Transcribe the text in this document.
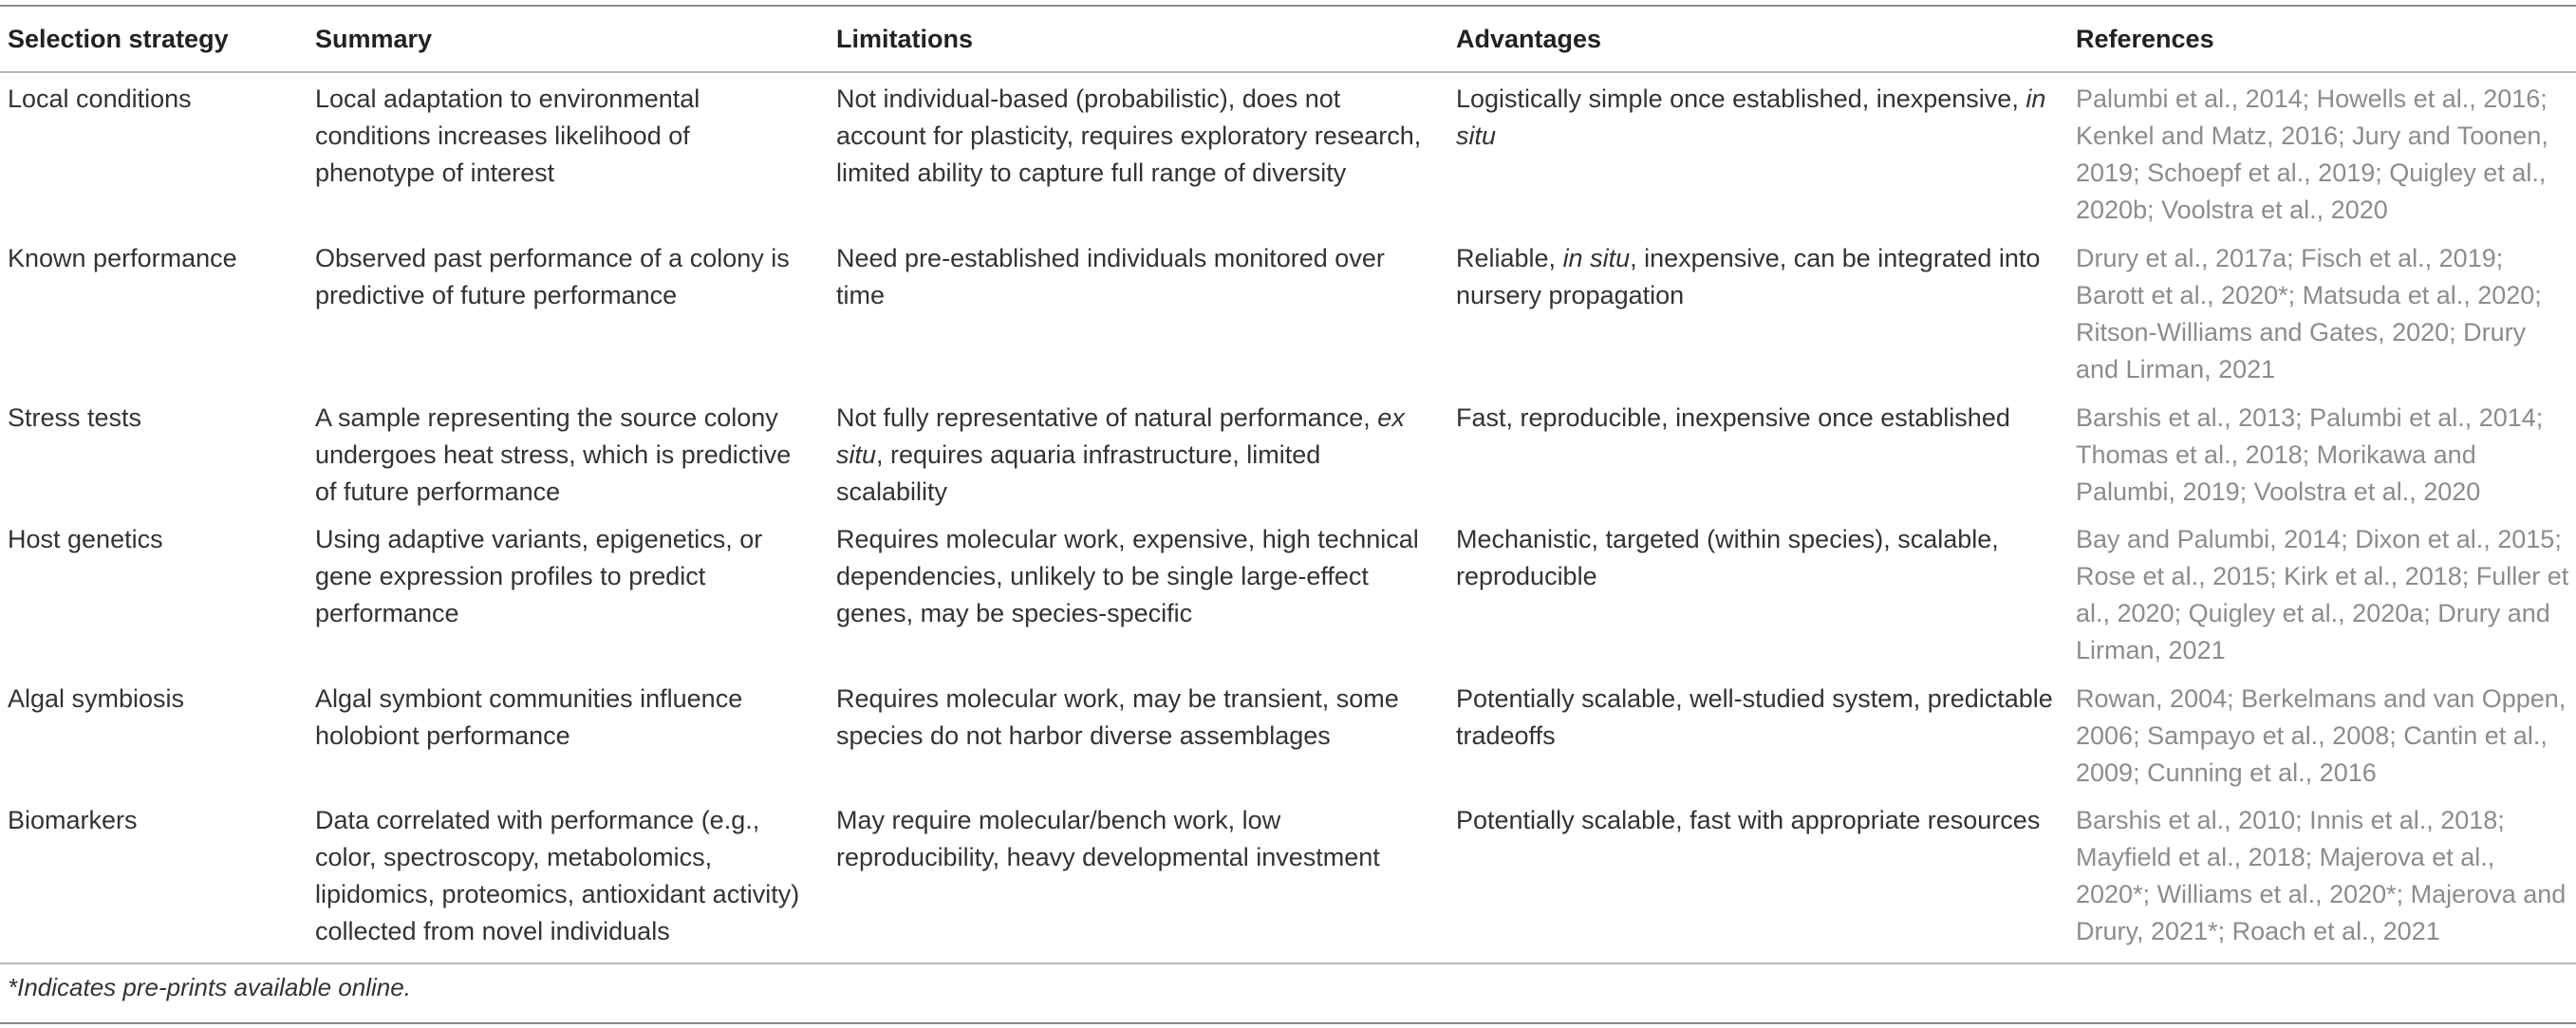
Selection strategy	Summary	Limitations	Advantages	References
Local conditions	Local adaptation to environmental conditions increases likelihood of phenotype of interest	Not individual-based (probabilistic), does not account for plasticity, requires exploratory research, limited ability to capture full range of diversity	Logistically simple once established, inexpensive, in situ	Palumbi et al., 2014; Howells et al., 2016; Kenkel and Matz, 2016; Jury and Toonen, 2019; Schoepf et al., 2019; Quigley et al., 2020b; Voolstra et al., 2020
Known performance	Observed past performance of a colony is predictive of future performance	Need pre-established individuals monitored over time	Reliable, in situ, inexpensive, can be integrated into nursery propagation	Drury et al., 2017a; Fisch et al., 2019; Barott et al., 2020*; Matsuda et al., 2020; Ritson-Williams and Gates, 2020; Drury and Lirman, 2021
Stress tests	A sample representing the source colony undergoes heat stress, which is predictive of future performance	Not fully representative of natural performance, ex situ, requires aquaria infrastructure, limited scalability	Fast, reproducible, inexpensive once established	Barshis et al., 2013; Palumbi et al., 2014; Thomas et al., 2018; Morikawa and Palumbi, 2019; Voolstra et al., 2020
Host genetics	Using adaptive variants, epigenetics, or gene expression profiles to predict performance	Requires molecular work, expensive, high technical dependencies, unlikely to be single large-effect genes, may be species-specific	Mechanistic, targeted (within species), scalable, reproducible	Bay and Palumbi, 2014; Dixon et al., 2015; Rose et al., 2015; Kirk et al., 2018; Fuller et al., 2020; Quigley et al., 2020a; Drury and Lirman, 2021
Algal symbiosis	Algal symbiont communities influence holobiont performance	Requires molecular work, may be transient, some species do not harbor diverse assemblages	Potentially scalable, well-studied system, predictable tradeoffs	Rowan, 2004; Berkelmans and van Oppen, 2006; Sampayo et al., 2008; Cantin et al., 2009; Cunning et al., 2016
Biomarkers	Data correlated with performance (e.g., color, spectroscopy, metabolomics, lipidomics, proteomics, antioxidant activity) collected from novel individuals	May require molecular/bench work, low reproducibility, heavy developmental investment	Potentially scalable, fast with appropriate resources	Barshis et al., 2010; Innis et al., 2018; Mayfield et al., 2018; Majerova et al., 2020*; Williams et al., 2020*; Majerova and Drury, 2021*; Roach et al., 2021
*Indicates pre-prints available online.
